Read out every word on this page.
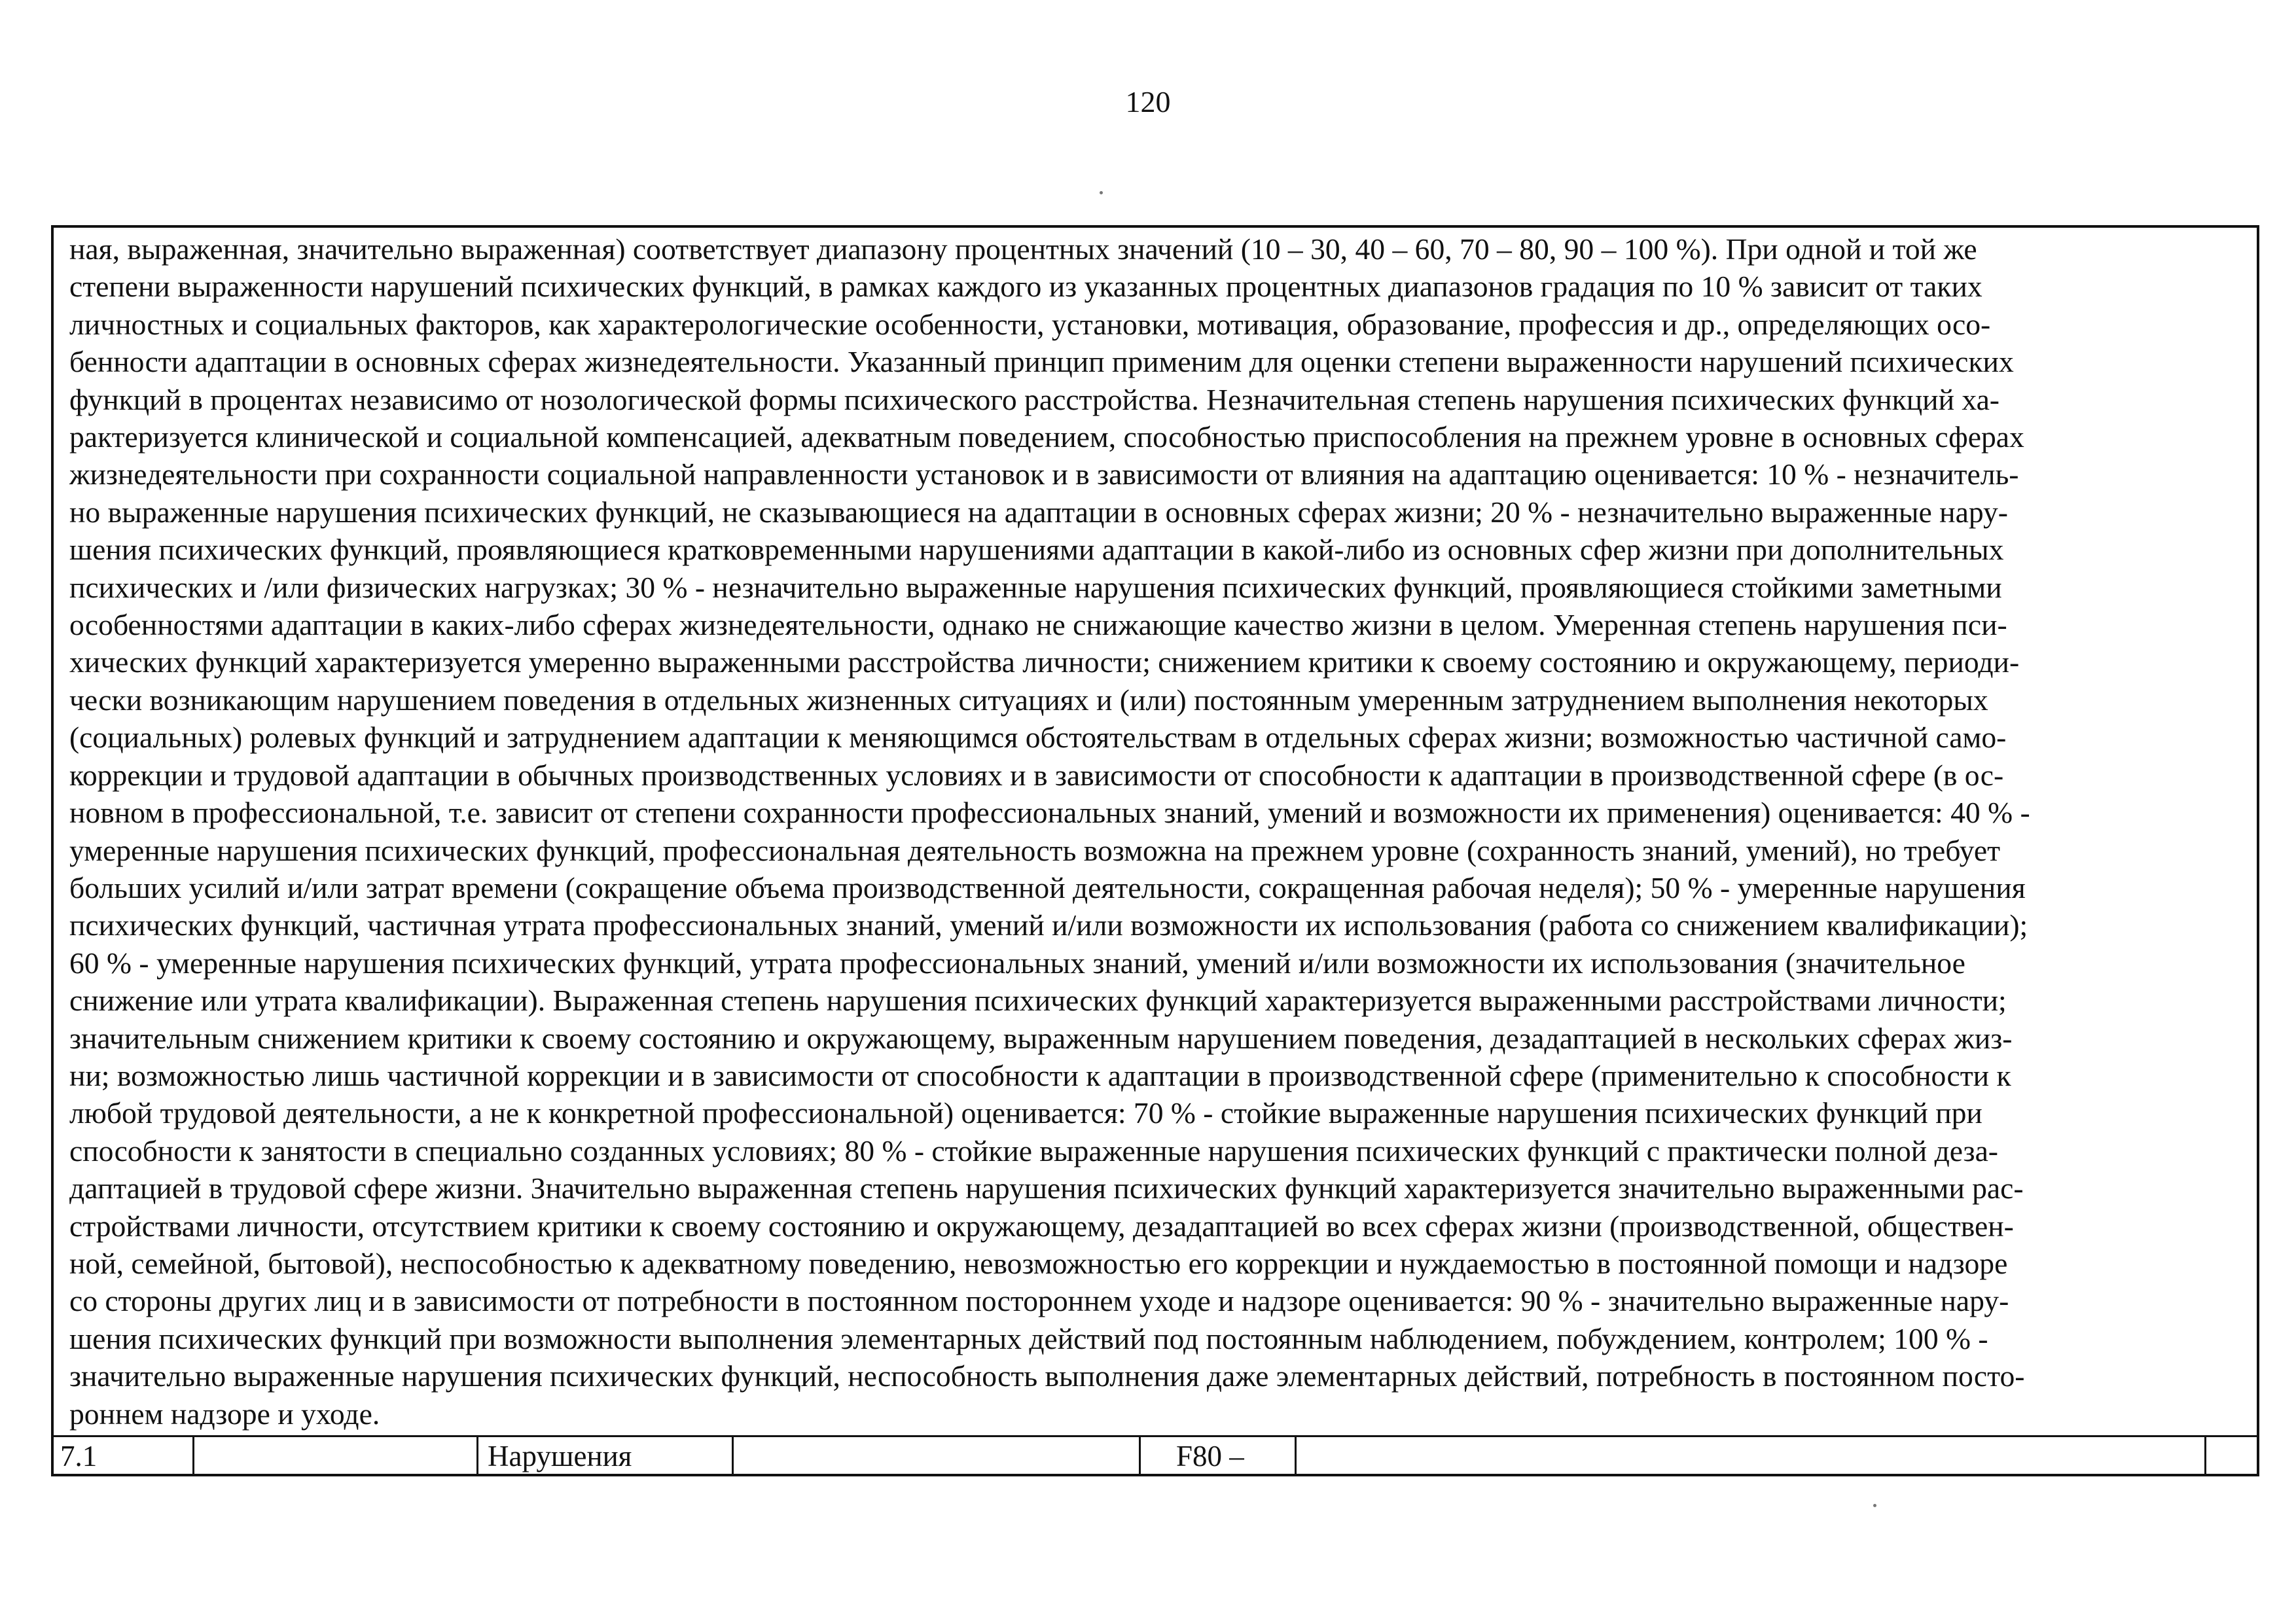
120
ная, выраженная, значительно выраженная) соответствует диапазону процентных значений (10 – 30, 40 – 60, 70 – 80, 90 – 100 %). При одной и той же
степени выраженности нарушений психических функций, в рамках каждого из указанных процентных диапазонов градация по 10 % зависит от таких
личностных и социальных факторов, как характерологические особенности, установки, мотивация, образование, профессия и др., определяющих осо-
бенности адаптации в основных сферах жизнедеятельности. Указанный принцип применим для оценки степени выраженности нарушений психических
функций в процентах независимо от нозологической формы психического расстройства. Незначительная степень нарушения психических функций ха-
рактеризуется клинической и социальной компенсацией, адекватным поведением, способностью приспособления на прежнем уровне в основных сферах
жизнедеятельности при сохранности социальной направленности установок и в зависимости от влияния на адаптацию оценивается: 10 % - незначитель-
но выраженные нарушения психических функций, не сказывающиеся на адаптации в основных сферах жизни; 20 % - незначительно выраженные нару-
шения психических функций, проявляющиеся кратковременными нарушениями адаптации в какой-либо из основных сфер жизни при дополнительных
психических и /или физических нагрузках; 30 % - незначительно выраженные нарушения психических функций, проявляющиеся стойкими заметными
особенностями адаптации в каких-либо сферах жизнедеятельности, однако не снижающие качество жизни в целом. Умеренная степень нарушения пси-
хических функций характеризуется умеренно выраженными расстройства личности; снижением критики к своему состоянию и окружающему, периоди-
чески возникающим нарушением поведения в отдельных жизненных ситуациях и (или) постоянным умеренным затруднением выполнения некоторых
(социальных) ролевых функций и затруднением адаптации к меняющимся обстоятельствам в отдельных сферах жизни; возможностью частичной само-
коррекции и трудовой адаптации в обычных производственных условиях и в зависимости от способности к адаптации в производственной сфере (в ос-
новном в профессиональной, т.е. зависит от степени сохранности профессиональных знаний, умений и возможности их применения) оценивается: 40 % -
умеренные нарушения психических функций, профессиональная деятельность возможна на прежнем уровне (сохранность знаний, умений), но требует
больших усилий и/или затрат времени (сокращение объема производственной деятельности, сокращенная рабочая неделя); 50 % - умеренные нарушения
психических функций, частичная утрата профессиональных знаний, умений и/или возможности их использования (работа со снижением квалификации);
60 % - умеренные нарушения психических функций, утрата профессиональных знаний, умений и/или возможности их использования (значительное
снижение или утрата квалификации). Выраженная степень нарушения психических функций характеризуется выраженными расстройствами личности;
значительным снижением критики к своему состоянию и окружающему, выраженным нарушением поведения, дезадаптацией в нескольких сферах жиз-
ни; возможностью лишь частичной коррекции и в зависимости от способности к адаптации в производственной сфере (применительно к способности к
любой трудовой деятельности, а не к конкретной профессиональной) оценивается: 70 % - стойкие выраженные нарушения психических функций при
способности к занятости в специально созданных условиях; 80 % - стойкие выраженные нарушения психических функций с практически полной деза-
даптацией в трудовой сфере жизни. Значительно выраженная степень нарушения психических функций характеризуется значительно выраженными рас-
стройствами личности, отсутствием критики к своему состоянию и окружающему, дезадаптацией во всех сферах жизни (производственной, обществен-
ной, семейной, бытовой), неспособностью к адекватному поведению, невозможностью его коррекции и нуждаемостью в постоянной помощи и надзоре
со стороны других лиц и в зависимости от потребности в постоянном постороннем уходе и надзоре оценивается: 90 % - значительно выраженные нару-
шения психических функций при возможности выполнения элементарных действий под постоянным наблюдением, побуждением, контролем; 100 % -
значительно выраженные нарушения психических функций, неспособность выполнения даже элементарных действий, потребность в постоянном посто-
роннем надзоре и уходе.
7.1	Нарушения	F80 –
